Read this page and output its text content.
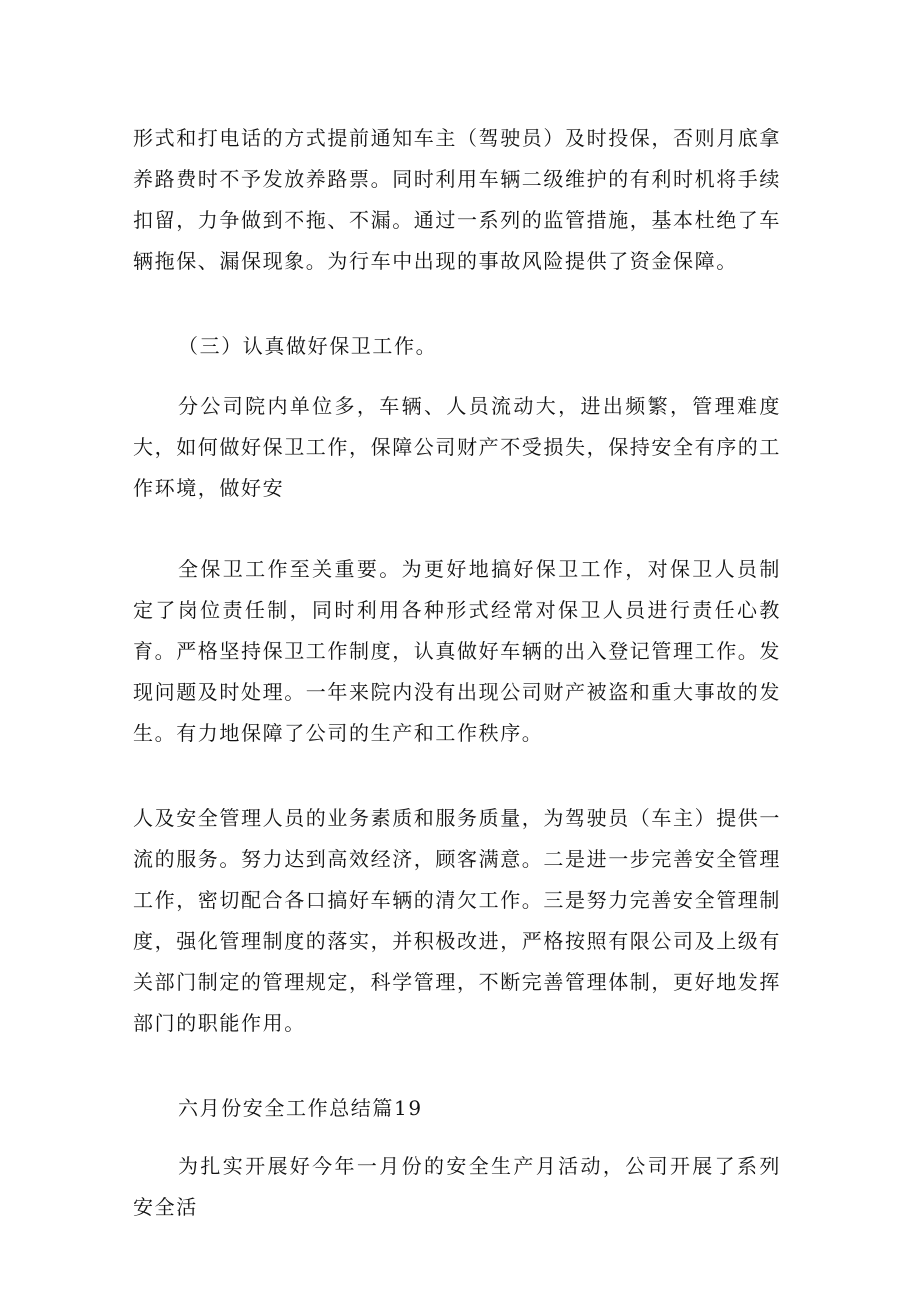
形式和打电话的方式提前通知车主（驾驶员）及时投保，否则月底拿养路费时不予发放养路票。同时利用车辆二级维护的有利时机将手续扣留，力争做到不拖、不漏。通过一系列的监管措施，基本杜绝了车辆拖保、漏保现象。为行车中出现的事故风险提供了资金保障。

（三）认真做好保卫工作。

分公司院内单位多，车辆、人员流动大，进出频繁，管理难度大，如何做好保卫工作，保障公司财产不受损失，保持安全有序的工作环境，做好安

全保卫工作至关重要。为更好地搞好保卫工作，对保卫人员制定了岗位责任制，同时利用各种形式经常对保卫人员进行责任心教育。严格坚持保卫工作制度，认真做好车辆的出入登记管理工作。发现问题及时处理。一年来院内没有出现公司财产被盗和重大事故的发生。有力地保障了公司的生产和工作秩序。

人及安全管理人员的业务素质和服务质量，为驾驶员（车主）提供一流的服务。努力达到高效经济，顾客满意。二是进一步完善安全管理工作，密切配合各口搞好车辆的清欠工作。三是努力完善安全管理制度，强化管理制度的落实，并积极改进，严格按照有限公司及上级有关部门制定的管理规定，科学管理，不断完善管理体制，更好地发挥部门的职能作用。

六月份安全工作总结篇19

为扎实开展好今年一月份的安全生产月活动，公司开展了系列安全活
